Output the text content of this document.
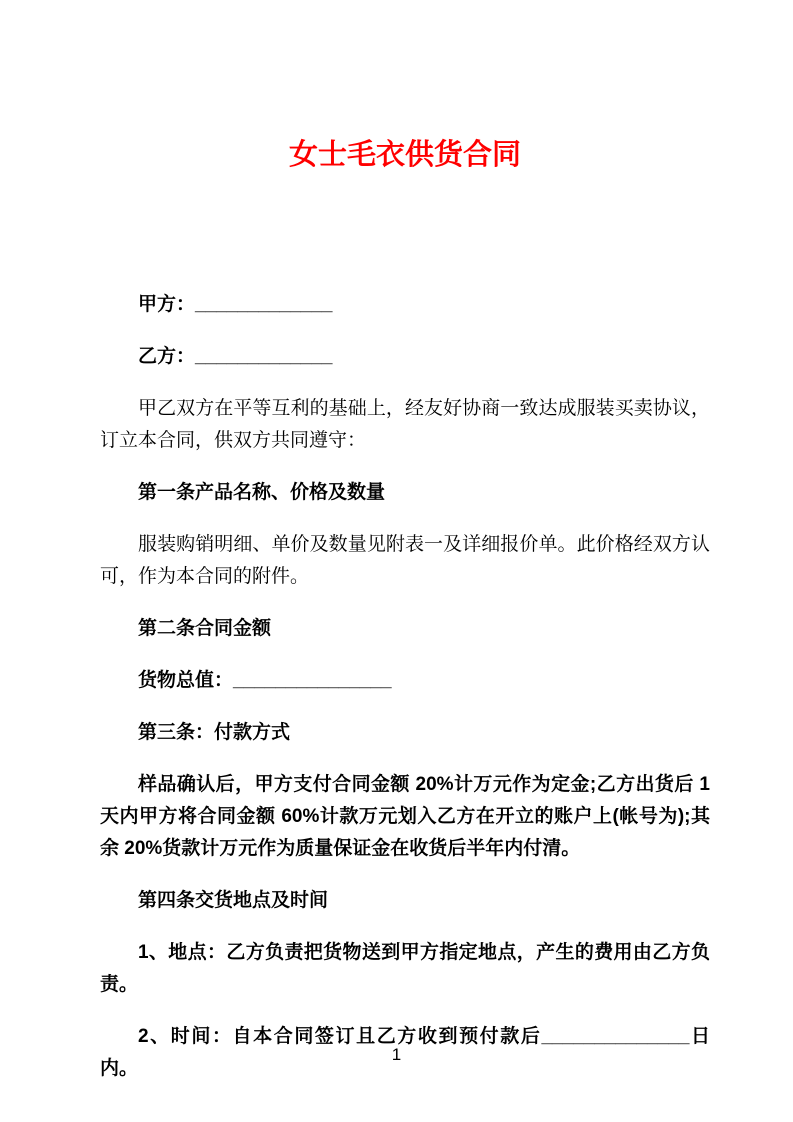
女士毛衣供货合同

甲方：_____________

乙方：_____________

甲乙双方在平等互利的基础上，经友好协商一致达成服装买卖协议，订立本合同，供双方共同遵守：

第一条产品名称、价格及数量

服装购销明细、单价及数量见附表一及详细报价单。此价格经双方认可，作为本合同的附件。

第二条合同金额

货物总值：_______________

第三条：付款方式

样品确认后，甲方支付合同金额 20%计万元作为定金;乙方出货后 1 天内甲方将合同金额 60%计款万元划入乙方在开立的账户上(帐号为);其余 20%货款计万元作为质量保证金在收货后半年内付清。

第四条交货地点及时间

1、地点：乙方负责把货物送到甲方指定地点，产生的费用由乙方负责。

2、时间：自本合同签订且乙方收到预付款后______________日内。

1
